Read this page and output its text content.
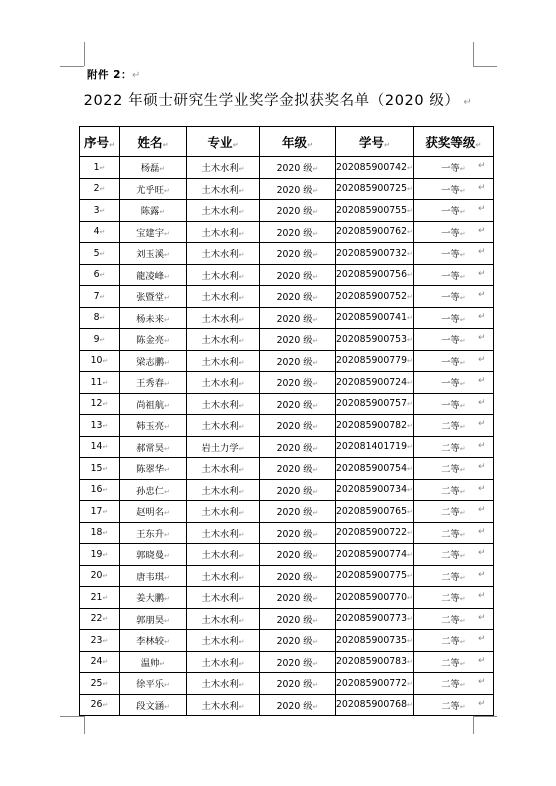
附件 2：↵
2022 年硕士研究生学业奖学金拟获奖名单（2020 级） ↵
序号↵	姓名↵	专业↵	年级↵	学号↵	获奖等级↵
1↵	杨磊↵	土木水利↵	2020 级↵	202085900742↵	一等↵
2↵	尤乎旺↵	土木水利↵	2020 级↵	202085900725↵	一等↵
3↵	陈露↵	土木水利↵	2020 级↵	202085900755↵	一等↵
4↵	宝建宇↵	土木水利↵	2020 级↵	202085900762↵	一等↵
5↵	刘玉溪↵	土木水利↵	2020 级↵	202085900732↵	一等↵
6↵	龍凌峰↵	土木水利↵	2020 级↵	202085900756↵	一等↵
7↵	张暨堂↵	土木水利↵	2020 级↵	202085900752↵	一等↵
8↵	杨未来↵	土木水利↵	2020 级↵	202085900741↵	一等↵
9↵	陈金亮↵	土木水利↵	2020 级↵	202085900753↵	一等↵
10↵	梁志鹏↵	土木水利↵	2020 级↵	202085900779↵	一等↵
11↵	王秀春↵	土木水利↵	2020 级↵	202085900724↵	一等↵
12↵	尚祖航↵	土木水利↵	2020 级↵	202085900757↵	一等↵
13↵	韩玉亮↵	土木水利↵	2020 级↵	202085900782↵	二等↵
14↵	郝常昊↵	岩土力学↵	2020 级↵	202081401719↵	二等↵
15↵	陈翠华↵	土木水利↵	2020 级↵	202085900754↵	二等↵
16↵	孙忠仁↵	土木水利↵	2020 级↵	202085900734↵	二等↵
17↵	赵明名↵	土木水利↵	2020 级↵	202085900765↵	二等↵
18↵	王东升↵	土木水利↵	2020 级↵	202085900722↵	二等↵
19↵	郭晓曼↵	土木水利↵	2020 级↵	202085900774↵	二等↵
20↵	唐韦琪↵	土木水利↵	2020 级↵	202085900775↵	二等↵
21↵	姜大鹏↵	土木水利↵	2020 级↵	202085900770↵	二等↵
22↵	郭朋昊↵	土木水利↵	2020 级↵	202085900773↵	二等↵
23↵	李林较↵	土木水利↵	2020 级↵	202085900735↵	二等↵
24↵	温帅↵	土木水利↵	2020 级↵	202085900783↵	二等↵
25↵	徐平乐↵	土木水利↵	2020 级↵	202085900772↵	二等↵
26↵	段文涵↵	土木水利↵	2020 级↵	202085900768↵	二等↵
↵
↵
↵
↵
↵
↵
↵
↵
↵
↵
↵
↵
↵
↵
↵
↵
↵
↵
↵
↵
↵
↵
↵
↵
↵
↵
